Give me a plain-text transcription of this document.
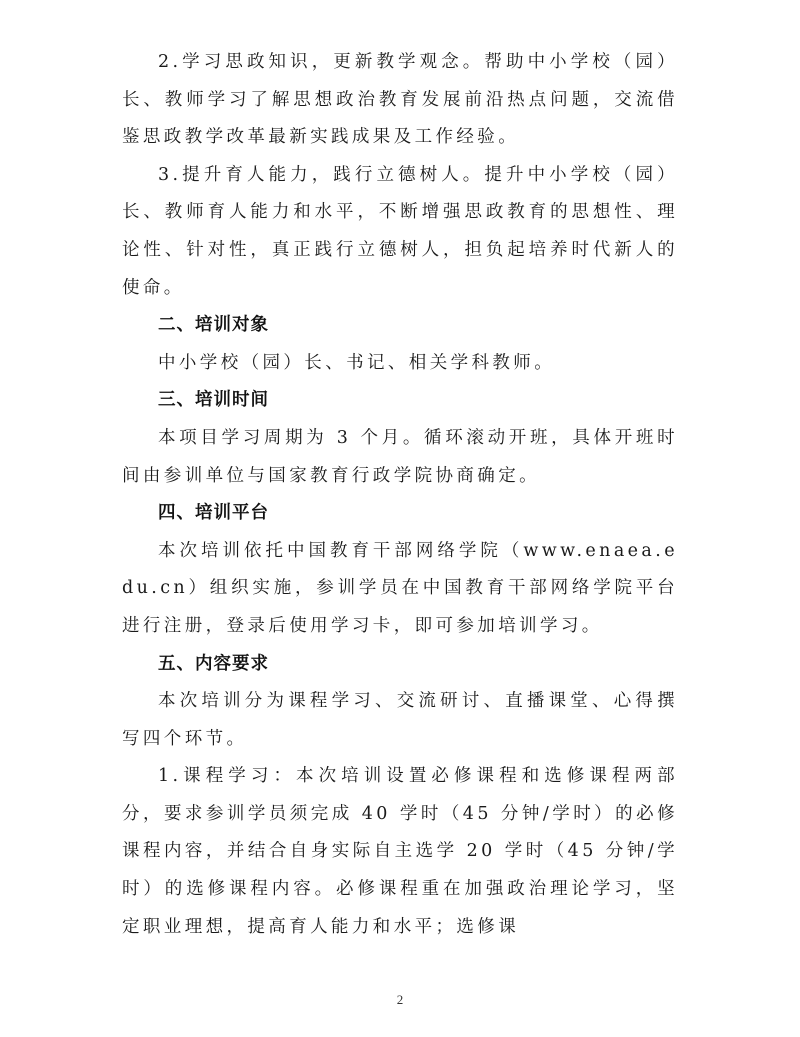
2.学习思政知识，更新教学观念。帮助中小学校（园）长、教师学习了解思想政治教育发展前沿热点问题，交流借鉴思政教学改革最新实践成果及工作经验。

3.提升育人能力，践行立德树人。提升中小学校（园）长、教师育人能力和水平，不断增强思政教育的思想性、理论性、针对性，真正践行立德树人，担负起培养时代新人的使命。

二、培训对象

中小学校（园）长、书记、相关学科教师。

三、培训时间

本项目学习周期为 3 个月。循环滚动开班，具体开班时间由参训单位与国家教育行政学院协商确定。

四、培训平台

本次培训依托中国教育干部网络学院（www.enaea.edu.cn）组织实施，参训学员在中国教育干部网络学院平台进行注册，登录后使用学习卡，即可参加培训学习。

五、内容要求

本次培训分为课程学习、交流研讨、直播课堂、心得撰写四个环节。

1.课程学习：本次培训设置必修课程和选修课程两部分，要求参训学员须完成 40 学时（45 分钟/学时）的必修课程内容，并结合自身实际自主选学 20 学时（45 分钟/学时）的选修课程内容。必修课程重在加强政治理论学习，坚定职业理想，提高育人能力和水平；选修课

2
